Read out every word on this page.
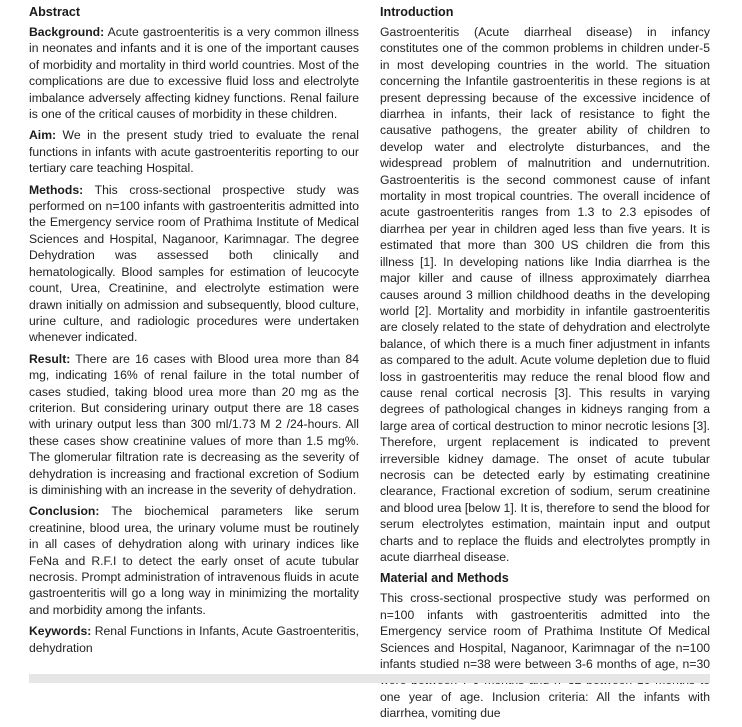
Abstract

Background: Acute gastroenteritis is a very common illness in neonates and infants and it is one of the important causes of morbidity and mortality in third world countries. Most of the complications are due to excessive fluid loss and electrolyte imbalance adversely affecting kidney functions. Renal failure is one of the critical causes of morbidity in these children.

Aim: We in the present study tried to evaluate the renal functions in infants with acute gastroenteritis reporting to our tertiary care teaching Hospital.

Methods: This cross-sectional prospective study was performed on n=100 infants with gastroenteritis admitted into the Emergency service room of Prathima Institute of Medical Sciences and Hospital, Naganoor, Karimnagar. The degree Dehydration was assessed both clinically and hematologically. Blood samples for estimation of leucocyte count, Urea, Creatinine, and electrolyte estimation were drawn initially on admission and subsequently, blood culture, urine culture, and radiologic procedures were undertaken whenever indicated.

Result: There are 16 cases with Blood urea more than 84 mg, indicating 16% of renal failure in the total number of cases studied, taking blood urea more than 20 mg as the criterion. But considering urinary output there are 18 cases with urinary output less than 300 ml/1.73 M 2 /24-hours. All these cases show creatinine values of more than 1.5 mg%. The glomerular filtration rate is decreasing as the severity of dehydration is increasing and fractional excretion of Sodium is diminishing with an increase in the severity of dehydration.

Conclusion: The biochemical parameters like serum creatinine, blood urea, the urinary volume must be routinely in all cases of dehydration along with urinary indices like FeNa and R.F.I to detect the early onset of acute tubular necrosis. Prompt administration of intravenous fluids in acute gastroenteritis will go a long way in minimizing the mortality and morbidity among the infants.

Keywords: Renal Functions in Infants, Acute Gastroenteritis, dehydration

Introduction

Gastroenteritis (Acute diarrheal disease) in infancy constitutes one of the common problems in children under-5 in most developing countries in the world. The situation concerning the Infantile gastroenteritis in these regions is at present depressing because of the excessive incidence of diarrhea in infants, their lack of resistance to fight the causative pathogens, the greater ability of children to develop water and electrolyte disturbances, and the widespread problem of malnutrition and undernutrition. Gastroenteritis is the second commonest cause of infant mortality in most tropical countries. The overall incidence of acute gastroenteritis ranges from 1.3 to 2.3 episodes of diarrhea per year in children aged less than five years. It is estimated that more than 300 US children die from this illness [1]. In developing nations like India diarrhea is the major killer and cause of illness approximately diarrhea causes around 3 million childhood deaths in the developing world [2]. Mortality and morbidity in infantile gastroenteritis are closely related to the state of dehydration and electrolyte balance, of which there is a much finer adjustment in infants as compared to the adult. Acute volume depletion due to fluid loss in gastroenteritis may reduce the renal blood flow and cause renal cortical necrosis [3]. This results in varying degrees of pathological changes in kidneys ranging from a large area of cortical destruction to minor necrotic lesions [3]. Therefore, urgent replacement is indicated to prevent irreversible kidney damage. The onset of acute tubular necrosis can be detected early by estimating creatinine clearance, Fractional excretion of sodium, serum creatinine and blood urea [below 1]. It is, therefore to send the blood for serum electrolytes estimation, maintain input and output charts and to replace the fluids and electrolytes promptly in acute diarrheal disease.

Material and Methods

This cross-sectional prospective study was performed on n=100 infants with gastroenteritis admitted into the Emergency service room of Prathima Institute Of Medical Sciences and Hospital, Naganoor, Karimnagar of the n=100 infants studied n=38 were between 3-6 months of age, n=30 one year of age. Inclusion criteria: All the infants with diarrhea, vomiting due
